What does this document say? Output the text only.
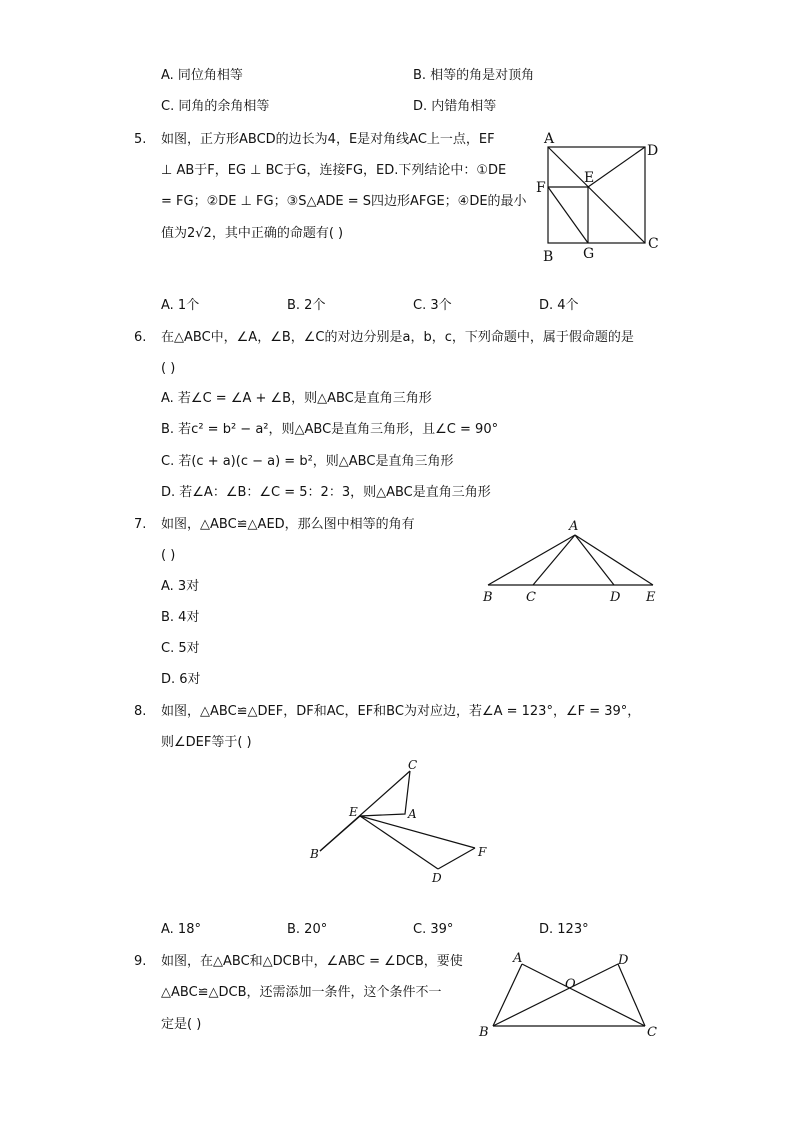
A. 同位角相等	B. 相等的角是对顶角
C. 同角的余角相等	D. 内错角相等
5. 如图，正方形ABCD的边长为4，E是对角线AC上一点，EF
⊥ AB于F，EG ⊥ BC于G，连接FG，ED.下列结论中：①DE
= FG；②DE ⊥ FG；③S△ADE = S四边形AFGE；④DE的最小
值为2√2，其中正确的命题有( )
A
D
E
F
B G
C
A. 1个	B. 2个	C. 3个	D. 4个
6. 在△ABC中，∠A，∠B，∠C的对边分别是a，b，c，下列命题中，属于假命题的是
( )
A. 若∠C = ∠A + ∠B，则△ABC是直角三角形
B. 若c² = b² − a²，则△ABC是直角三角形，且∠C = 90°
C. 若(c + a)(c − a) = b²，则△ABC是直角三角形
D. 若∠A：∠B：∠C = 5：2：3，则△ABC是直角三角形
7. 如图，△ABC≌△AED，那么图中相等的角有
( )
A. 3对
B. 4对
C. 5对
D. 6对
A
B	C	D E
8. 如图，△ABC≌△DEF，DF和AC，EF和BC为对应边，若∠A = 123°，∠F = 39°，
则∠DEF等于( )
C
E	A
B	F
D
A. 18°	B. 20°	C. 39°	D. 123°
9. 如图，在△ABC和△DCB中，∠ABC = ∠DCB，要使
△ABC≌△DCB，还需添加一条件，这个条件不一
定是( )
A	D
O
B	C
